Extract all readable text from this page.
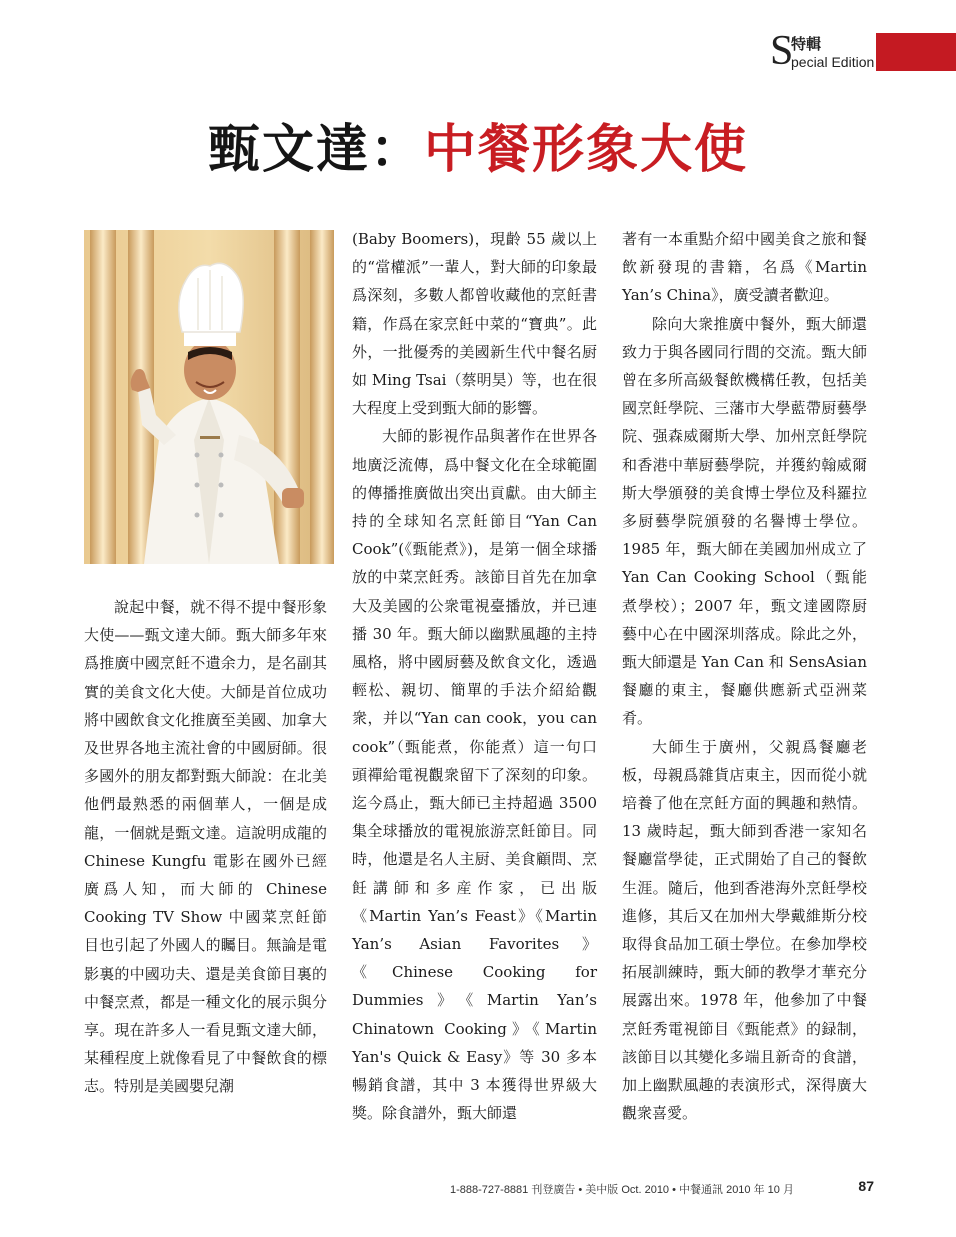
S
特輯
pecial Edition
甄文達：中餐形象大使

說起中餐，就不得不提中餐形象大使——甄文達大師。甄大師多年來爲推廣中國烹飪不遺余力，是名副其實的美食文化大使。大師是首位成功將中國飲食文化推廣至美國、加拿大及世界各地主流社會的中國厨師。很多國外的朋友都對甄大師說：在北美他們最熟悉的兩個華人，一個是成龍，一個就是甄文達。這說明成龍的 Chinese Kungfu 電影在國外已經廣爲人知，而大師的 Chinese Cooking TV Show 中國菜烹飪節目也引起了外國人的矚目。無論是電影裏的中國功夫、還是美食節目裏的中餐烹煮，都是一種文化的展示與分享。現在許多人一看見甄文達大師，某種程度上就像看見了中餐飲食的標志。特別是美國嬰兒潮

(Baby Boomers)，現齡 55 歲以上的“當權派”一輩人，對大師的印象最爲深刻，多數人都曾收藏他的烹飪書籍，作爲在家烹飪中菜的“寶典”。此外，一批優秀的美國新生代中餐名厨如 Ming Tsai（蔡明昊）等，也在很大程度上受到甄大師的影響。

大師的影視作品與著作在世界各地廣泛流傳，爲中餐文化在全球範圍的傳播推廣做出突出貢獻。由大師主持的全球知名烹飪節目“Yan Can Cook”(《甄能煮》)，是第一個全球播放的中菜烹飪秀。該節目首先在加拿大及美國的公衆電視臺播放，并已連播 30 年。甄大師以幽默風趣的主持風格，將中國厨藝及飲食文化，透過輕松、親切、簡單的手法介紹給觀衆，并以“Yan can cook，you can cook”（甄能煮，你能煮）這一句口頭禪給電視觀衆留下了深刻的印象。迄今爲止，甄大師已主持超過 3500 集全球播放的電視旅游烹飪節目。同時，他還是名人主厨、美食顧問、烹飪講師和多産作家，已出版《Martin Yan’s Feast》《Martin Yan’s Asian Favorites》《Chinese Cooking for Dummies》《Martin Yan’s Chinatown Cooking》《Martin Yan's Quick & Easy》等 30 多本暢銷食譜，其中 3 本獲得世界級大獎。除食譜外，甄大師還

著有一本重點介紹中國美食之旅和餐飲新發現的書籍，名爲《Martin Yan’s China》，廣受讀者歡迎。

除向大衆推廣中餐外，甄大師還致力于與各國同行間的交流。甄大師曾在多所高級餐飲機構任教，包括美國烹飪學院、三藩市大學藍帶厨藝學院、强森威爾斯大學、加州烹飪學院和香港中華厨藝學院，并獲約翰威爾斯大學頒發的美食博士學位及科羅拉多厨藝學院頒發的名譽博士學位。1985 年，甄大師在美國加州成立了 Yan Can Cooking School（甄能煮學校）；2007 年，甄文達國際厨藝中心在中國深圳落成。除此之外，甄大師還是 Yan Can 和 SensAsian 餐廳的東主，餐廳供應新式亞洲菜肴。

大師生于廣州，父親爲餐廳老板，母親爲雜貨店東主，因而從小就培養了他在烹飪方面的興趣和熱情。13 歲時起，甄大師到香港一家知名餐廳當學徒，正式開始了自己的餐飲生涯。隨后，他到香港海外烹飪學校進修，其后又在加州大學戴維斯分校取得食品加工碩士學位。在參加學校拓展訓練時，甄大師的教學才華充分展露出來。1978 年，他參加了中餐烹飪秀電視節目《甄能煮》的録制，該節目以其變化多端且新奇的食譜，加上幽默風趣的表演形式，深得廣大觀衆喜愛。

1-888-727-8881 刊登廣告 • 美中版 Oct. 2010 • 中餐通訊 2010 年 10 月	87
